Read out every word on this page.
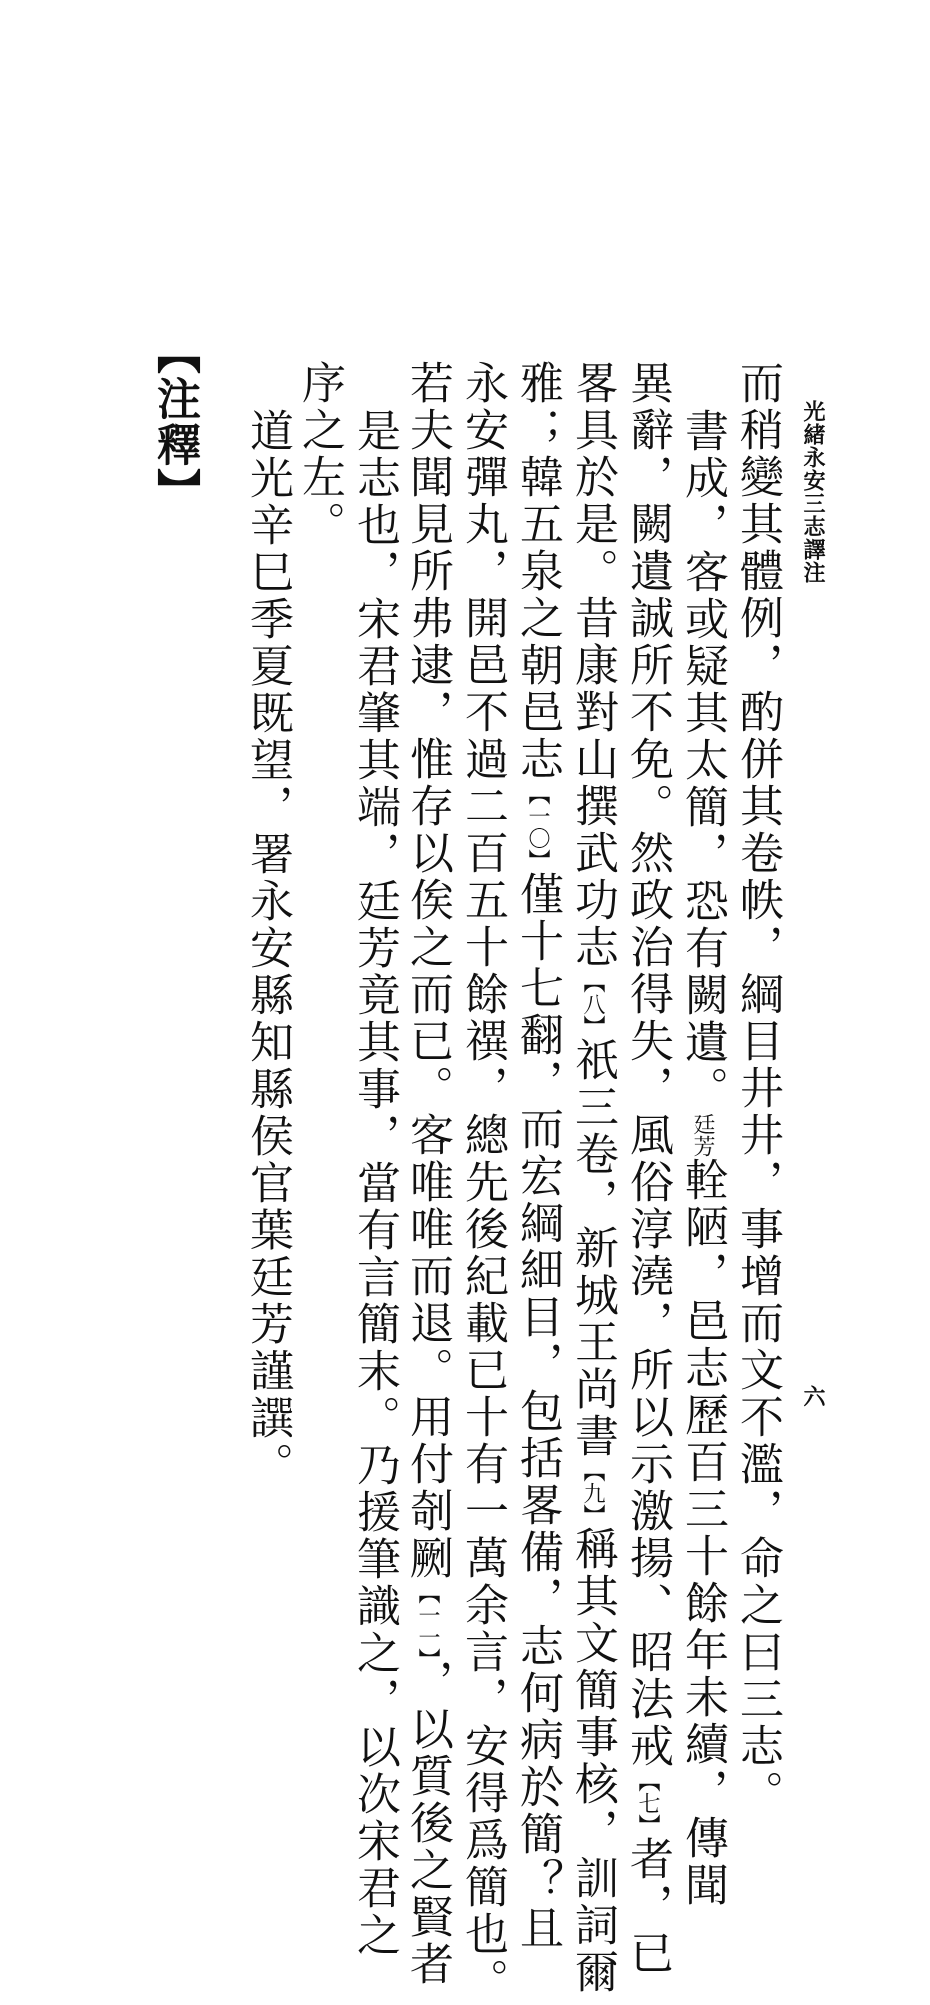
光緒永安三志譯注
六
而稍變其體例，酌併其卷帙，綱目井井，事增而文不濫，命之曰三志。
書成，客或疑其太簡，恐有闕遺。廷芳輇陋，邑志歷百三十餘年未續，傳聞
異辭，闕遺誠所不免。然政治得失，風俗淳澆，所以示激揚、昭法戒【七】者，已
畧具於是。昔康對山撰武功志【八】祇三卷，新城王尚書【九】稱其文簡事核，訓詞爾
雅；韓五泉之朝邑志【一〇】僅十七翻，而宏綱細目，包括畧備，志何病於簡？且
永安彈丸，開邑不過二百五十餘禩，總先後紀載已十有一萬余言，安得爲簡也。
若夫聞見所弗逮，惟存以俟之而已。客唯唯而退。用付剞劂【一一】，以質後之賢者
是志也，宋君肇其端，廷芳竟其事，當有言簡末。乃援筆識之，以次宋君之
序之左。
道光辛巳季夏既望，署永安縣知縣侯官葉廷芳謹譔。
【注釋】
